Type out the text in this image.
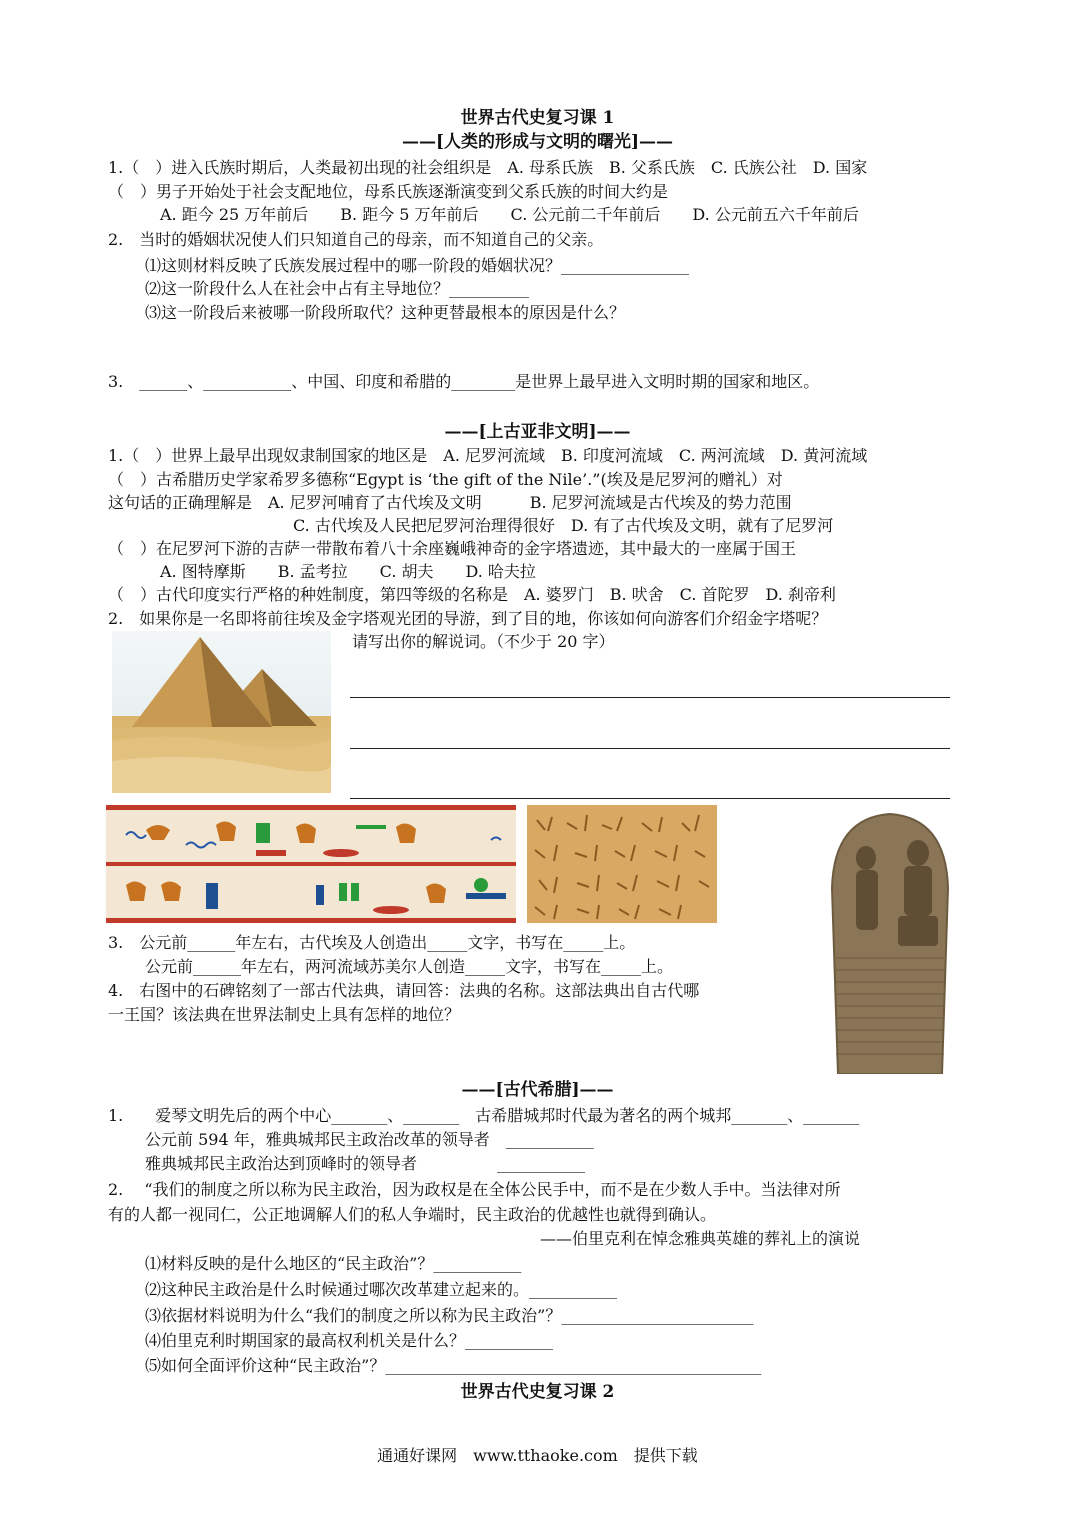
世界古代史复习课 1
——[人类的形成与文明的曙光]——
1.（　）进入氏族时期后，人类最初出现的社会组织是　A. 母系氏族　B. 父系氏族　C. 氏族公社　D. 国家
（　）男子开始处于社会支配地位，母系氏族逐渐演变到父系氏族的时间大约是
A. 距今 25 万年前后　　B. 距今 5 万年前后　　C. 公元前二千年前后　　D. 公元前五六千年前后
2.　当时的婚姻状况使人们只知道自己的母亲，而不知道自己的父亲。
⑴这则材料反映了氏族发展过程中的哪一阶段的婚姻状况？________________
⑵这一阶段什么人在社会中占有主导地位？__________
⑶这一阶段后来被哪一阶段所取代？这种更替最根本的原因是什么？
3.　______、___________、中国、印度和希腊的________是世界上最早进入文明时期的国家和地区。
——[上古亚非文明]——
1.（　）世界上最早出现奴隶制国家的地区是　A. 尼罗河流域　B. 印度河流域　C. 两河流域　D. 黄河流域
（　）古希腊历史学家希罗多德称“Egypt is ‘the gift of the Nile’.”(埃及是尼罗河的赠礼）对
这句话的正确理解是　A. 尼罗河哺育了古代埃及文明　　　B. 尼罗河流域是古代埃及的势力范围
C. 古代埃及人民把尼罗河治理得很好　D. 有了古代埃及文明，就有了尼罗河
（　）在尼罗河下游的吉萨一带散布着八十余座巍峨神奇的金字塔遗迹，其中最大的一座属于国王
A. 图特摩斯　　B. 孟考拉　　C. 胡夫　　D. 哈夫拉
（　）古代印度实行严格的种姓制度，第四等级的名称是　A. 婆罗门　B. 吠舍　C. 首陀罗　D. 刹帝利
2.　如果你是一名即将前往埃及金字塔观光团的导游，到了目的地，你该如何向游客们介绍金字塔呢？
请写出你的解说词。（不少于 20 字）
3.　公元前______年左右，古代埃及人创造出_____文字，书写在_____上。
公元前______年左右，两河流域苏美尔人创造_____文字，书写在_____上。
4.　右图中的石碑铭刻了一部古代法典，请回答：法典的名称。这部法典出自古代哪
一王国？该法典在世界法制史上具有怎样的地位？
——[古代希腊]——
1.　　爱琴文明先后的两个中心_______、_______　古希腊城邦时代最为著名的两个城邦_______、_______
公元前 594 年，雅典城邦民主政治改革的领导者　___________
雅典城邦民主政治达到顶峰时的领导者　　　　　___________
2.　 “我们的制度之所以称为民主政治，因为政权是在全体公民手中，而不是在少数人手中。当法律对所
有的人都一视同仁，公正地调解人们的私人争端时，民主政治的优越性也就得到确认。
——伯里克利在悼念雅典英雄的葬礼上的演说
⑴材料反映的是什么地区的“民主政治”？___________
⑵这种民主政治是什么时候通过哪次改革建立起来的。___________
⑶依据材料说明为什么“我们的制度之所以称为民主政治”？________________________
⑷伯里克利时期国家的最高权利机关是什么？___________
⑸如何全面评价这种“民主政治”？_______________________________________________
世界古代史复习课 2
通通好课网　www.tthaoke.com　提供下载
